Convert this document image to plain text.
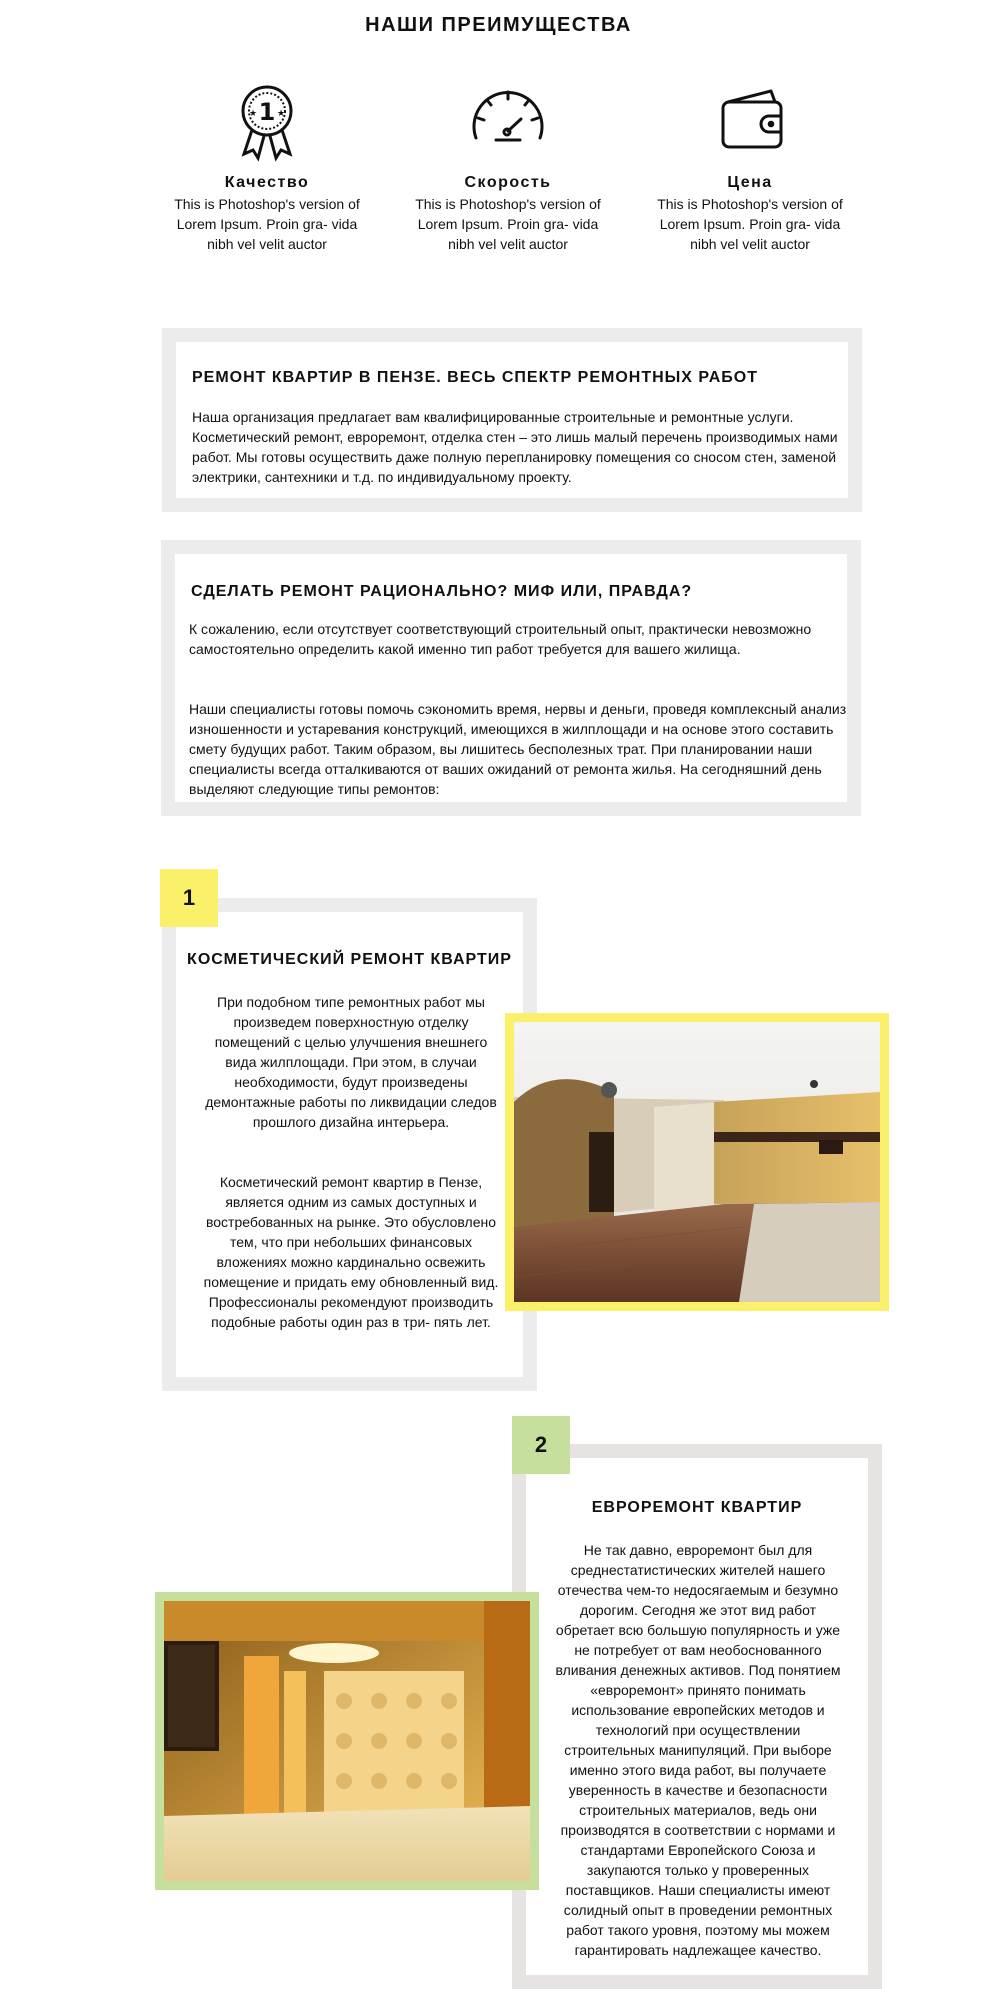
НАШИ ПРЕИМУЩЕСТВА
1
★ ★
Качество
This is Photoshop's version of Lorem Ipsum. Proin gra- vida nibh vel velit auctor
Скорость
This is Photoshop's version of Lorem Ipsum. Proin gra- vida nibh vel velit auctor
Цена
This is Photoshop's version of Lorem Ipsum. Proin gra- vida nibh vel velit auctor
РЕМОНТ КВАРТИР В ПЕНЗЕ. ВЕСЬ СПЕКТР РЕМОНТНЫХ РАБОТ
Наша организация предлагает вам квалифицированные строительные и ремонтные услуги. Косметический ремонт, евроремонт, отделка стен – это лишь малый перечень производимых нами работ. Мы готовы осуществить даже полную перепланировку помещения со сносом стен, заменой электрики, сантехники и т.д. по индивидуальному проекту.
СДЕЛАТЬ РЕМОНТ РАЦИОНАЛЬНО? МИФ ИЛИ, ПРАВДА?
К сожалению, если отсутствует соответствующий строительный опыт, практически невозможно самостоятельно определить какой именно тип работ требуется для вашего жилища.
Наши специалисты готовы помочь сэкономить время, нервы и деньги, проведя комплексный анализ изношенности и устаревания конструкций, имеющихся в жилплощади и на основе этого составить смету будущих работ. Таким образом, вы лишитесь бесполезных трат. При планировании наши специалисты всегда отталкиваются от ваших ожиданий от ремонта жилья. На сегодняшний день выделяют следующие типы ремонтов:
КОСМЕТИЧЕСКИЙ РЕМОНТ КВАРТИР
При подобном типе ремонтных работ мы произведем поверхностную отделку помещений с целью улучшения внешнего вида жилплощади. При этом, в случаи необходимости, будут произведены демонтажные работы по ликвидации следов прошлого дизайна интерьера.
Косметический ремонт квартир в Пензе, является одним из самых доступных и востребованных на рынке. Это обусловлено тем, что при небольших финансовых вложениях можно кардинально освежить помещение и придать ему обновленный вид. Профессионалы рекомендуют производить подобные работы один раз в три- пять лет.
1
ЕВРОРЕМОНТ КВАРТИР
Не так давно, евроремонт был для среднестатистических жителей нашего отечества чем-то недосягаемым и безумно дорогим. Сегодня же этот вид работ обретает всю большую популярность и уже не потребует от вам необоснованного вливания денежных активов. Под понятием «евроремонт» принято понимать использование европейских методов и технологий при осуществлении строительных манипуляций. При выборе именно этого вида работ, вы получаете уверенность в качестве и безопасности строительных материалов, ведь они производятся в соответствии с нормами и стандартами Европейского Союза и закупаются только у проверенных поставщиков. Наши специалисты имеют солидный опыт в проведении ремонтных работ такого уровня, поэтому мы можем гарантировать надлежащее качество.
2
